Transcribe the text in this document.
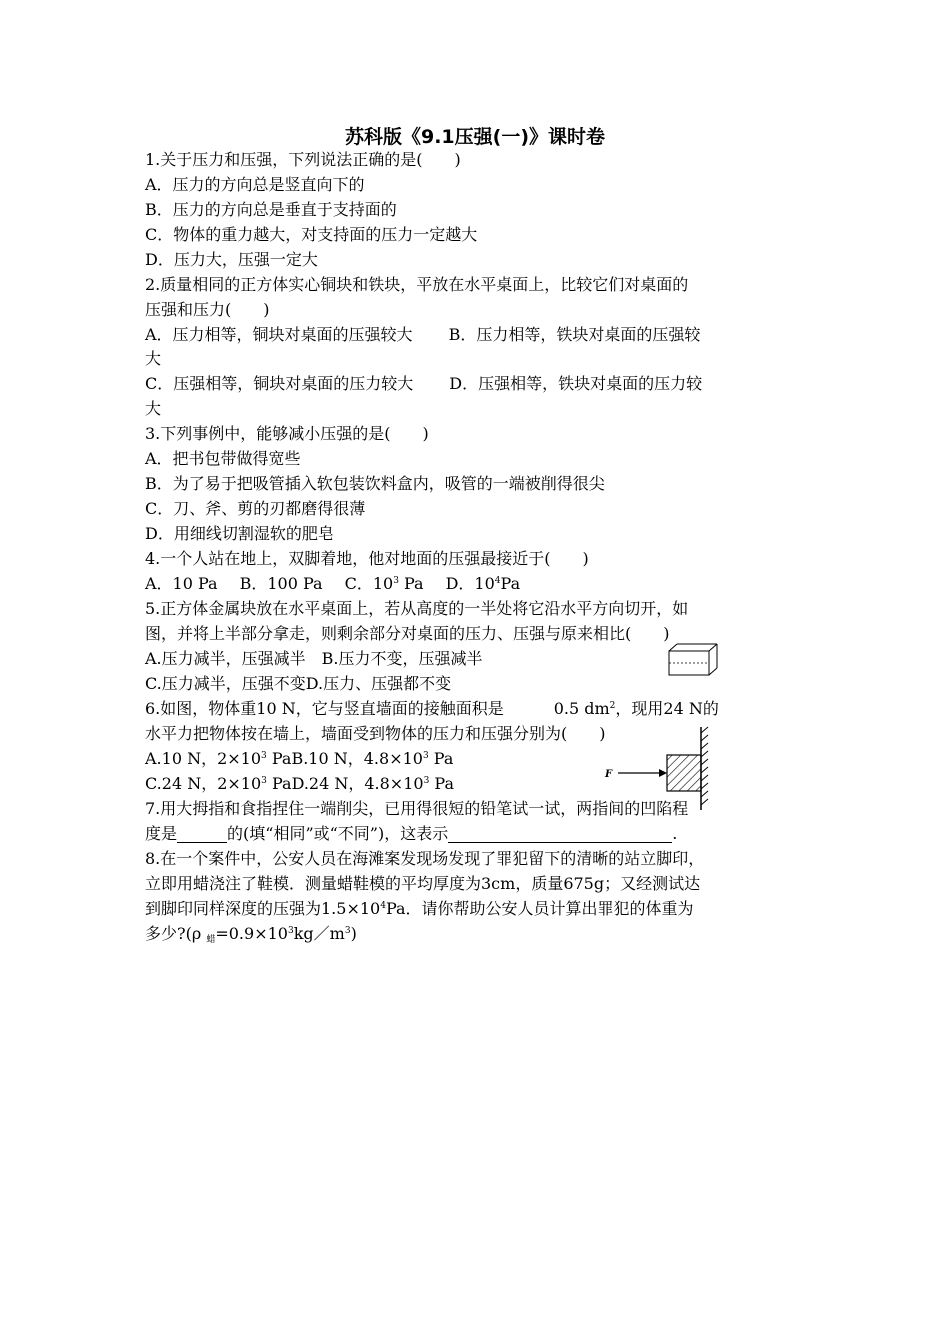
苏科版《9.1压强(一)》课时卷
1.关于压力和压强，下列说法正确的是(　　)
A．压力的方向总是竖直向下的
B．压力的方向总是垂直于支持面的
C．物体的重力越大，对支持面的压力一定越大
D．压力大，压强一定大
2.质量相同的正方体实心铜块和铁块，平放在水平桌面上，比较它们对桌面的
压强和压力(　　)
A．压力相等，铜块对桌面的压强较大 B．压力相等，铁块对桌面的压强较
大
C．压强相等，铜块对桌面的压力较大 D．压强相等，铁块对桌面的压力较
大
3.下列事例中，能够减小压强的是(　　)
A．把书包带做得宽些
B．为了易于把吸管插入软包装饮料盒内，吸管的一端被削得很尖
C．刀、斧、剪的刃都磨得很薄
D．用细线切割湿软的肥皂
4.一个人站在地上，双脚着地，他对地面的压强最接近于(　　)
A．10 Pa B．100 Pa C．$10^3$ Pa D．$10^4Pa$
5.正方体金属块放在水平桌面上，若从高度的一半处将它沿水平方向切开，如
图，并将上半部分拿走，则剩余部分对桌面的压力、压强与原来相比(　　)
A.压力减半，压强减半　B.压力不变，压强减半
C.压力减半，压强不变D.压力、压强都不变
6.如图，物体重10 N，它与竖直墙面的接触面积是	0.5 $dm^2$，现用24 N的
水平力把物体按在墙上，墙面受到物体的压力和压强分别为(　　)
A.10 N，$2\times 10^3$ PaB.10 N，$4.8\times 10^3$ Pa
C.24 N，$2\times 10^3$ PaD.24 N，$4.8\times 10^3$ Pa	F
7.用大拇指和食指捏住一端削尖，已用得很短的铅笔试一试，两指间的凹陷程
度是	的(填“相同”或“不同”)，这表示	.
8.在一个案件中，公安人员在海滩案发现场发现了罪犯留下的清晰的站立脚印，
立即用蜡浇注了鞋模．测量蜡鞋模的平均厚度为3cm，质量675g；又经测试达
到脚印同样深度的压强为$1.5\times 10^4Pa$．请你帮助公安人员计算出罪犯的体重为
多少?(ρ $_蜡=0.9\times 10^3kg/m^3$)
